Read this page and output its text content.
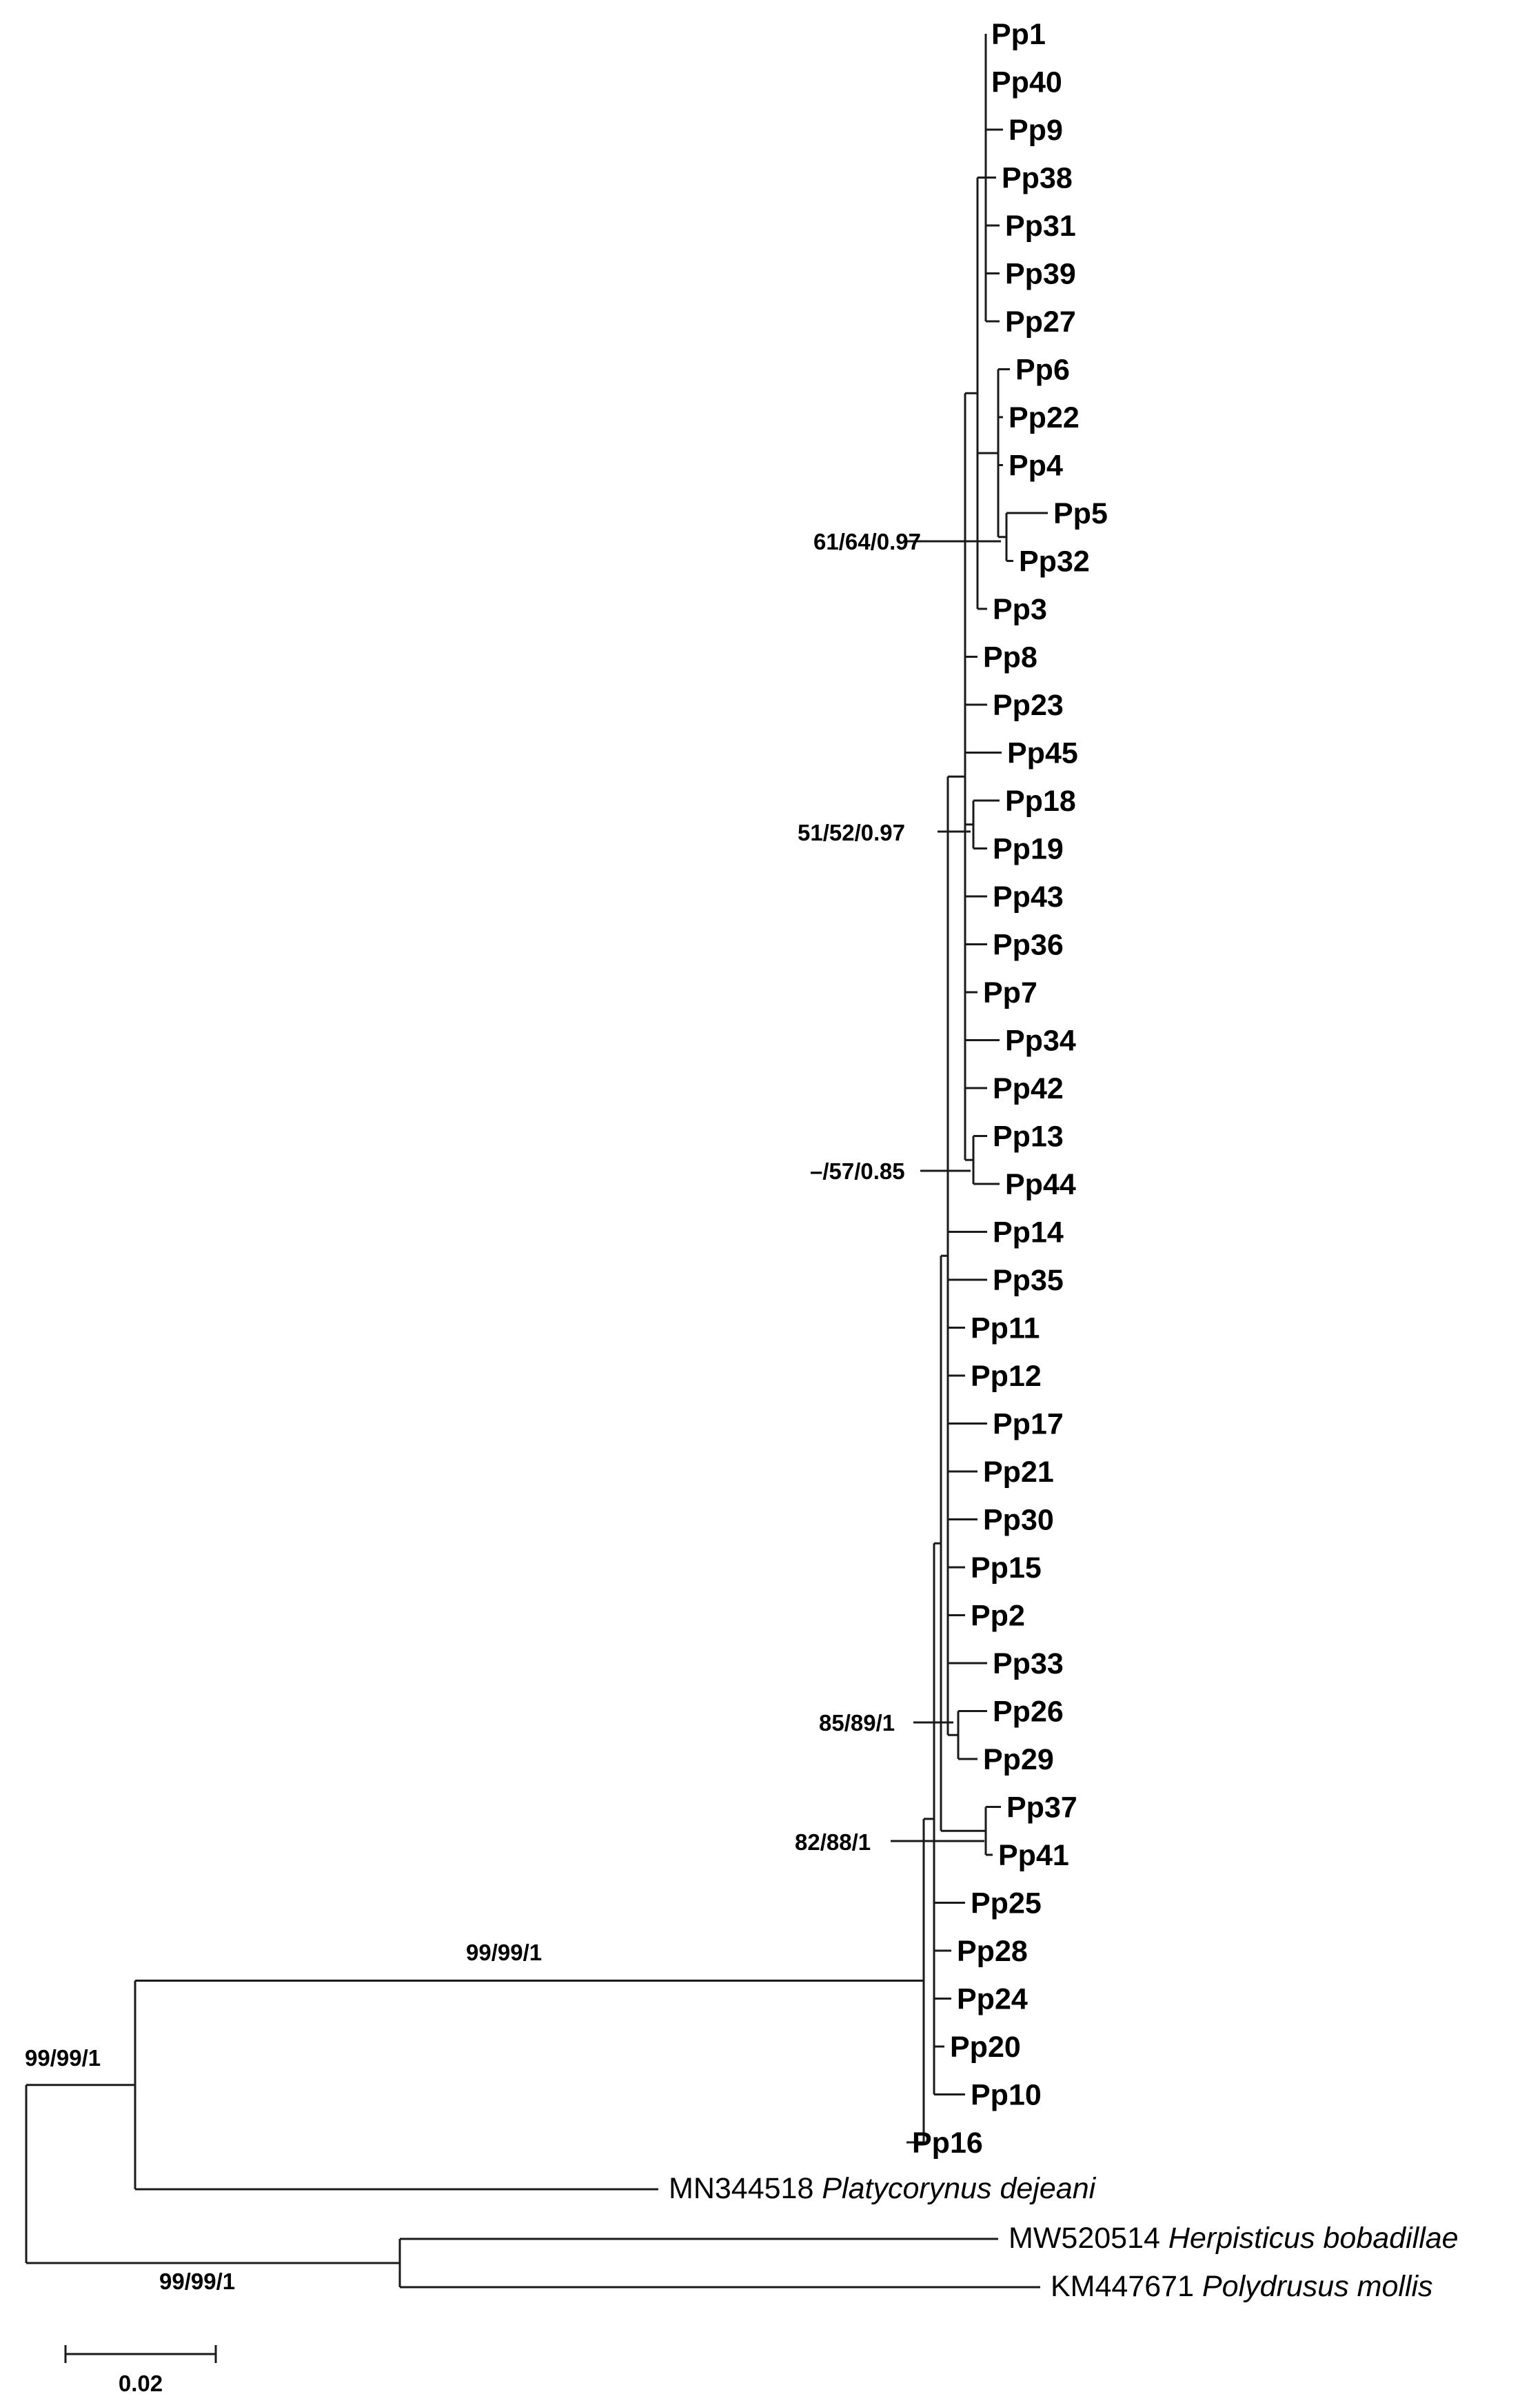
61/64/0.97
51/52/0.97
–/57/0.85
85/89/1
82/88/1
99/99/1
99/99/1
99/99/1
MN344518 Platycorynus dejeani
MW520514 Herpisticus bobadillae
KM447671 Polydrusus mollis
0.02
Pp1
Pp40
Pp9
Pp38
Pp31
Pp39
Pp27
Pp6
Pp22
Pp4
Pp5
Pp32
Pp3
Pp8
Pp23
Pp45
Pp18
Pp19
Pp43
Pp36
Pp7
Pp34
Pp42
Pp13
Pp44
Pp14
Pp35
Pp11
Pp12
Pp17
Pp21
Pp30
Pp15
Pp2
Pp33
Pp26
Pp29
Pp37
Pp41
Pp25
Pp28
Pp24
Pp20
Pp10
Pp16
